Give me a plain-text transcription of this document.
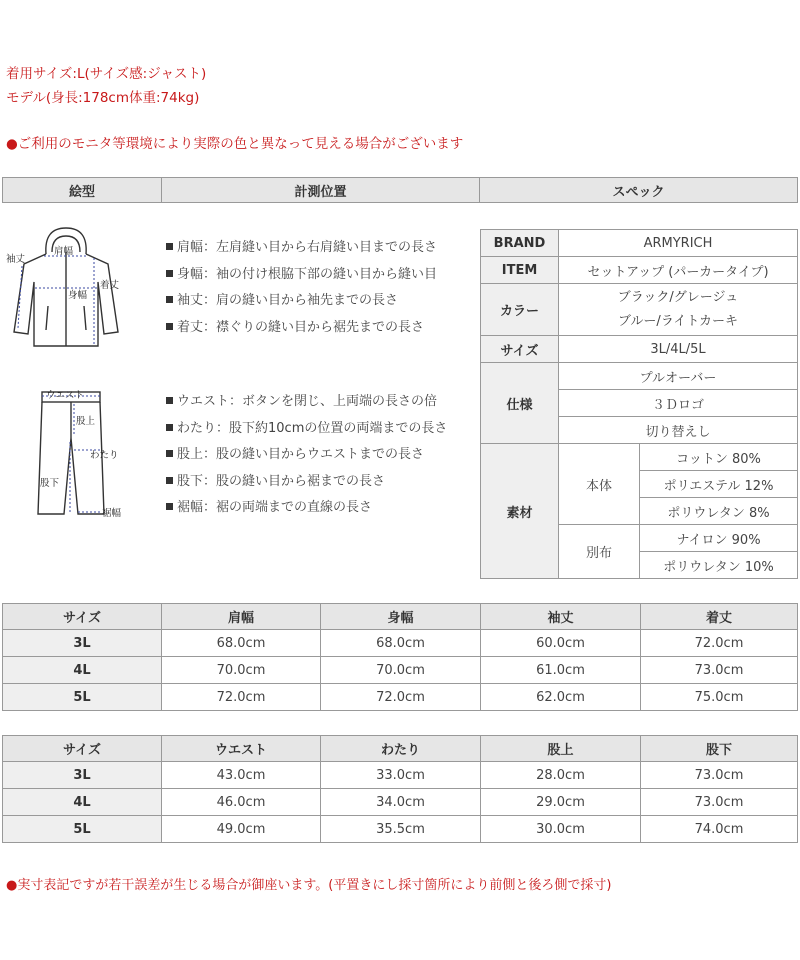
着用サイズ:L(サイズ感:ジャスト)
モデル(身長:178cm体重:74kg)
●ご利用のモニタ等環境により実際の色と異なって見える場合がございます
絵型	計測位置	スペック
肩幅
身幅
袖丈
着丈
ウエスト
股上
わたり
股下
裾幅
肩幅：左肩縫い目から右肩縫い目までの長さ
身幅：袖の付け根脇下部の縫い目から縫い目
袖丈：肩の縫い目から袖先までの長さ
着丈：襟ぐりの縫い目から裾先までの長さ
ウエスト：ボタンを閉じ、上両端の長さの倍
わたり：股下約10cmの位置の両端までの長さ
股上：股の縫い目からウエストまでの長さ
股下：股の縫い目から裾までの長さ
裾幅：裾の両端までの直線の長さ
BRAND	ARMYRICH	
ITEM	セットアップ (パーカータイプ)	
カラー	ブラック/グレージュ
ブルー/ライトカーキ	

サイズ	3L/4L/5L	
仕様	プルオーバー	
	３Ｄロゴ	
	切り替えし	
素材	本体	コットン 80%
		ポリエステル 12%
		ポリウレタン 8%
	別布	ナイロン 90%
		ポリウレタン 10%
サイズ	肩幅	身幅	袖丈	着丈
3L	68.0cm	68.0cm	60.0cm	72.0cm
4L	70.0cm	70.0cm	61.0cm	73.0cm
5L	72.0cm	72.0cm	62.0cm	75.0cm
サイズ	ウエスト	わたり	股上	股下
3L	43.0cm	33.0cm	28.0cm	73.0cm
4L	46.0cm	34.0cm	29.0cm	73.0cm
5L	49.0cm	35.5cm	30.0cm	74.0cm
●実寸表記ですが若干誤差が生じる場合が御座います。(平置きにし採寸箇所により前側と後ろ側で採寸)
